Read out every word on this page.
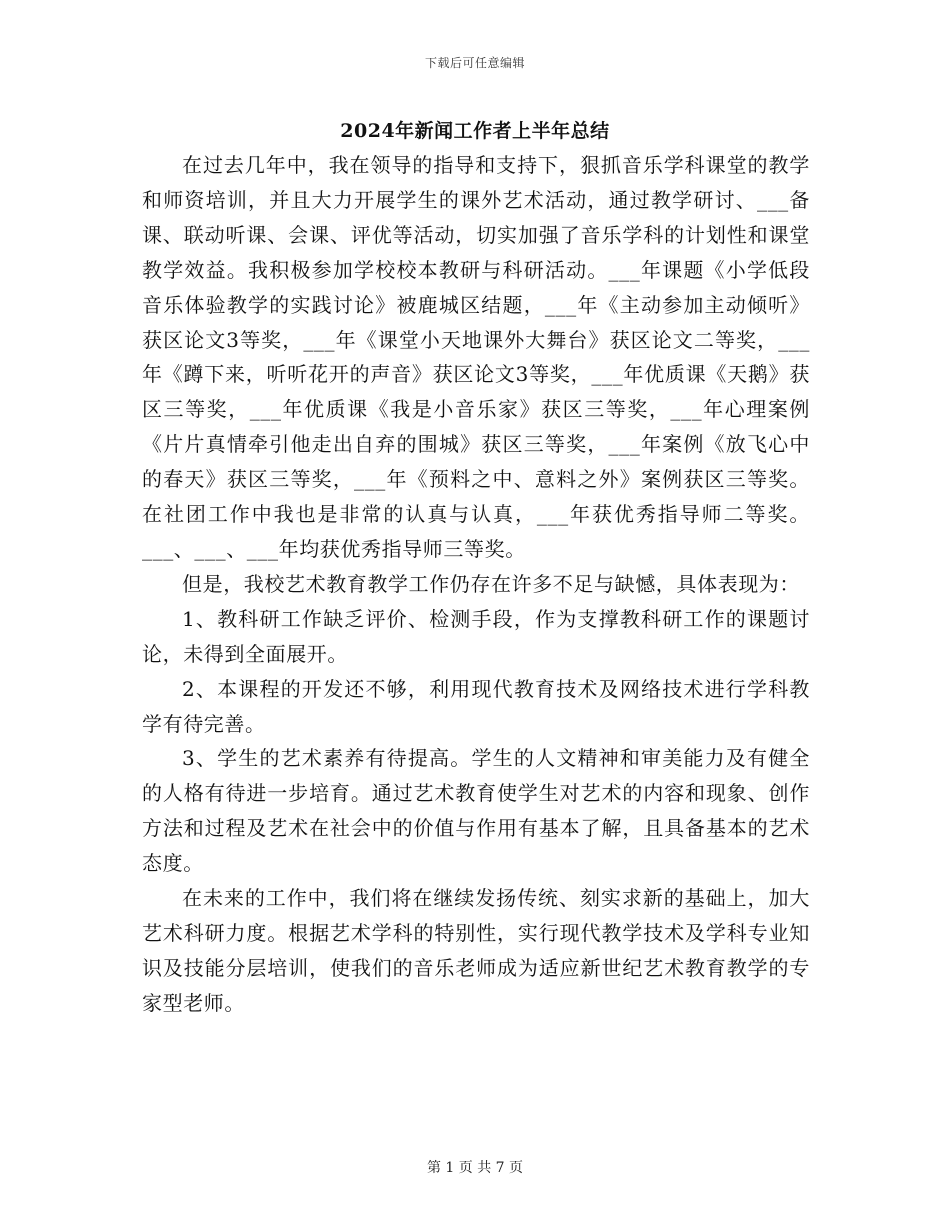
下载后可任意编辑
2024年新闻工作者上半年总结

在过去几年中，我在领导的指导和支持下，狠抓音乐学科课堂的教学和师资培训，并且大力开展学生的课外艺术活动，通过教学研讨、___备课、联动听课、会课、评优等活动，切实加强了音乐学科的计划性和课堂教学效益。我积极参加学校校本教研与科研活动。___年课题《小学低段音乐体验教学的实践讨论》被鹿城区结题，___年《主动参加主动倾听》获区论文3等奖，___年《课堂小天地课外大舞台》获区论文二等奖，___年《蹲下来，听听花开的声音》获区论文3等奖，___年优质课《天鹅》获区三等奖，___年优质课《我是小音乐家》获区三等奖，___年心理案例《片片真情牵引他走出自弃的围城》获区三等奖，___年案例《放飞心中的春天》获区三等奖，___年《预料之中、意料之外》案例获区三等奖。在社团工作中我也是非常的认真与认真，___年获优秀指导师二等奖。___、___、___年均获优秀指导师三等奖。

但是，我校艺术教育教学工作仍存在许多不足与缺憾，具体表现为：

1、教科研工作缺乏评价、检测手段，作为支撑教科研工作的课题讨论，未得到全面展开。

2、本课程的开发还不够，利用现代教育技术及网络技术进行学科教学有待完善。

3、学生的艺术素养有待提高。学生的人文精神和审美能力及有健全的人格有待进一步培育。通过艺术教育使学生对艺术的内容和现象、创作方法和过程及艺术在社会中的价值与作用有基本了解，且具备基本的艺术态度。

在未来的工作中，我们将在继续发扬传统、刻实求新的基础上，加大艺术科研力度。根据艺术学科的特别性，实行现代教学技术及学科专业知识及技能分层培训，使我们的音乐老师成为适应新世纪艺术教育教学的专家型老师。

第 1 页 共 7 页
